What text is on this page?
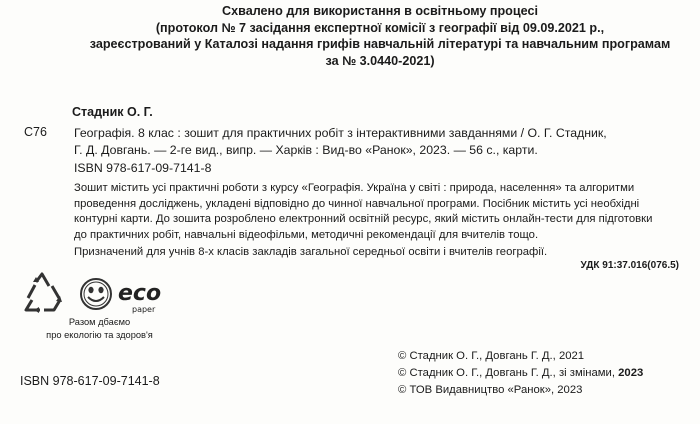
Схвалено для використання в освітньому процесі
(протокол № 7 засідання експертної комісії з географії від 09.09.2021 р.,
зареєстрований у Каталозі надання грифів навчальній літературі та навчальним програмам
за № 3.0440-2021)
Стадник О. Г.
С76 Географія. 8 клас : зошит для практичних робіт з інтерактивними завданнями / О. Г. Стадник,
Г. Д. Довгань. — 2-ге вид., випр. — Харків : Вид-во «Ранок», 2023. — 56 с., карти.
ISBN 978-617-09-7141-8
Зошит містить усі практичні роботи з курсу «Географія. Україна у світі : природа, населення» та алгоритми
проведення досліджень, укладені відповідно до чинної навчальної програми. Посібник містить усі необхідні
контурні карти. До зошита розроблено електронний освітній ресурс, який містить онлайн-тести для підготовки
до практичних робіт, навчальні відеофільми, методичні рекомендації для вчителів тощо.
Призначений для учнів 8-х класів закладів загальної середньої освіти і вчителів географії.
УДК 91:37.016(076.5)
eco
paper
Разом дбаємо
про екологію та здоров'я
ISBN 978-617-09-7141-8
© Стадник О. Г., Довгань Г. Д., 2021
© Стадник О. Г., Довгань Г. Д., зі змінами, 2023
© ТОВ Видавництво «Ранок», 2023
